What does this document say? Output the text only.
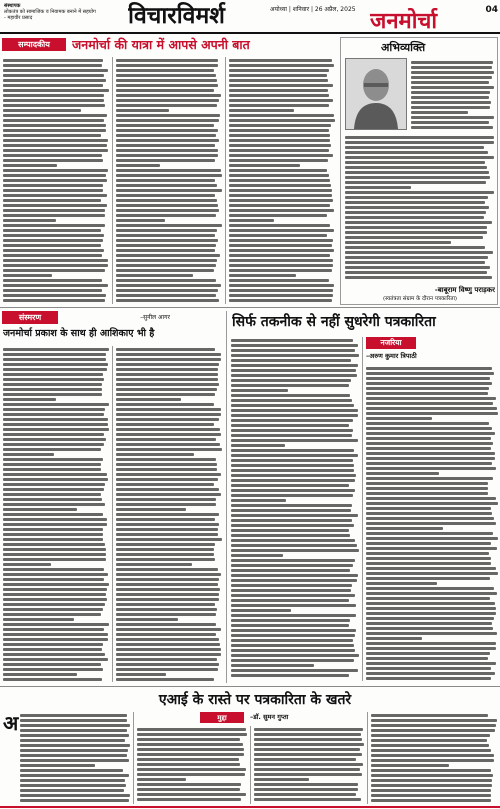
संस्थापक
लोकतंत्र को सामाजिक व नियामक बनाने में सहयोग
- महावीर प्रसाद	विचारविमर्श	अयोध्या | शनिवार | 26 अप्रैल, 2025 जनमोर्चा	04
सम्पादकीय	जनमोर्चा की यात्रा में आपसे अपनी बात	अभिव्यक्ति
-बाबूराम विष्णु पराड़कर
(स्वतंत्रता संग्राम के दौरान पत्रकारिता)
संस्मरण	–सुनील आगर
जनमोर्चा प्रकाश के साथ ही आशिकाए भी है
सिर्फ तकनीक से नहीं सुधरेगी पत्रकारिता
नजरिया
–अरुण कुमार त्रिपाठी
एआई के रास्ते पर पत्रकारिता के खतरे
मुद्दा	–डॉ. सुमन गुप्ता
अ
